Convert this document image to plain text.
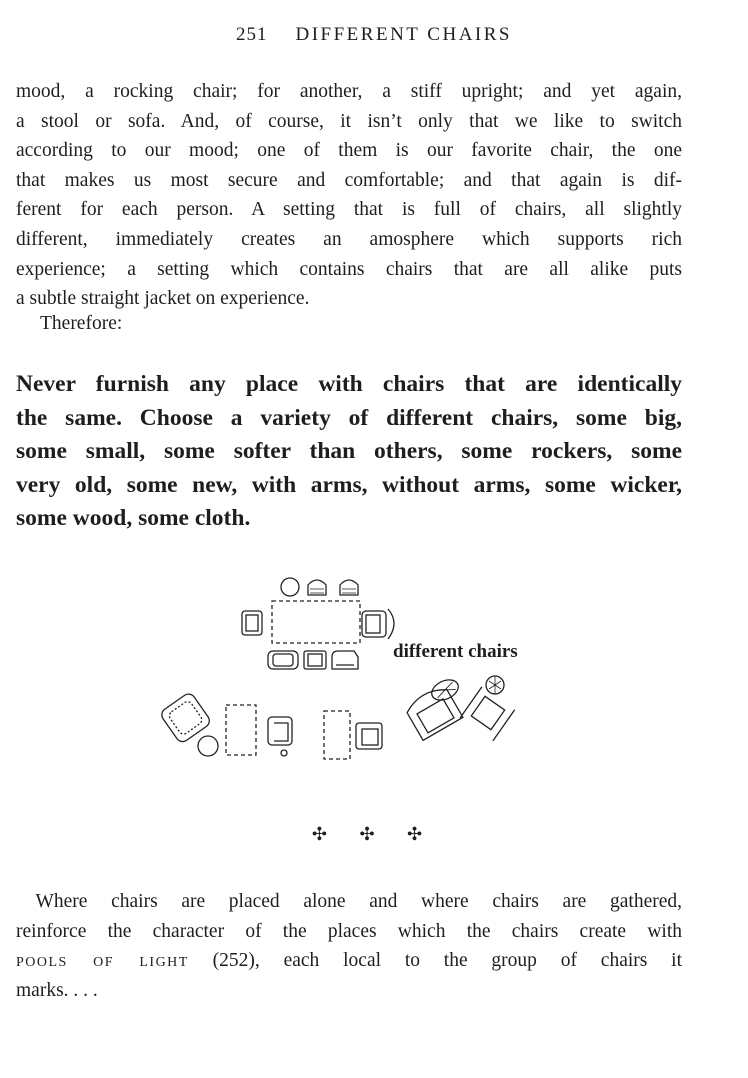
251 DIFFERENT CHAIRS
mood, a rocking chair; for another, a stiff upright; and yet again,
a stool or sofa. And, of course, it isn’t only that we like to switch
according to our mood; one of them is our favorite chair, the one
that makes us most secure and comfortable; and that again is dif-
ferent for each person. A setting that is full of chairs, all slightly
different, immediately creates an amosphere which supports rich
experience; a setting which contains chairs that are all alike puts
a subtle straight jacket on experience.
Therefore:
Never furnish any place with chairs that are identically
the same. Choose a variety of different chairs, some big,
some small, some softer than others, some rockers, some
very old, some new, with arms, without arms, some wicker,
some wood, some cloth.
different chairs
✣ ✣ ✣
 Where chairs are placed alone and where chairs are gathered,
reinforce the character of the places which the chairs create with
pools of light (252), each local to the group of chairs it
marks. . . .
